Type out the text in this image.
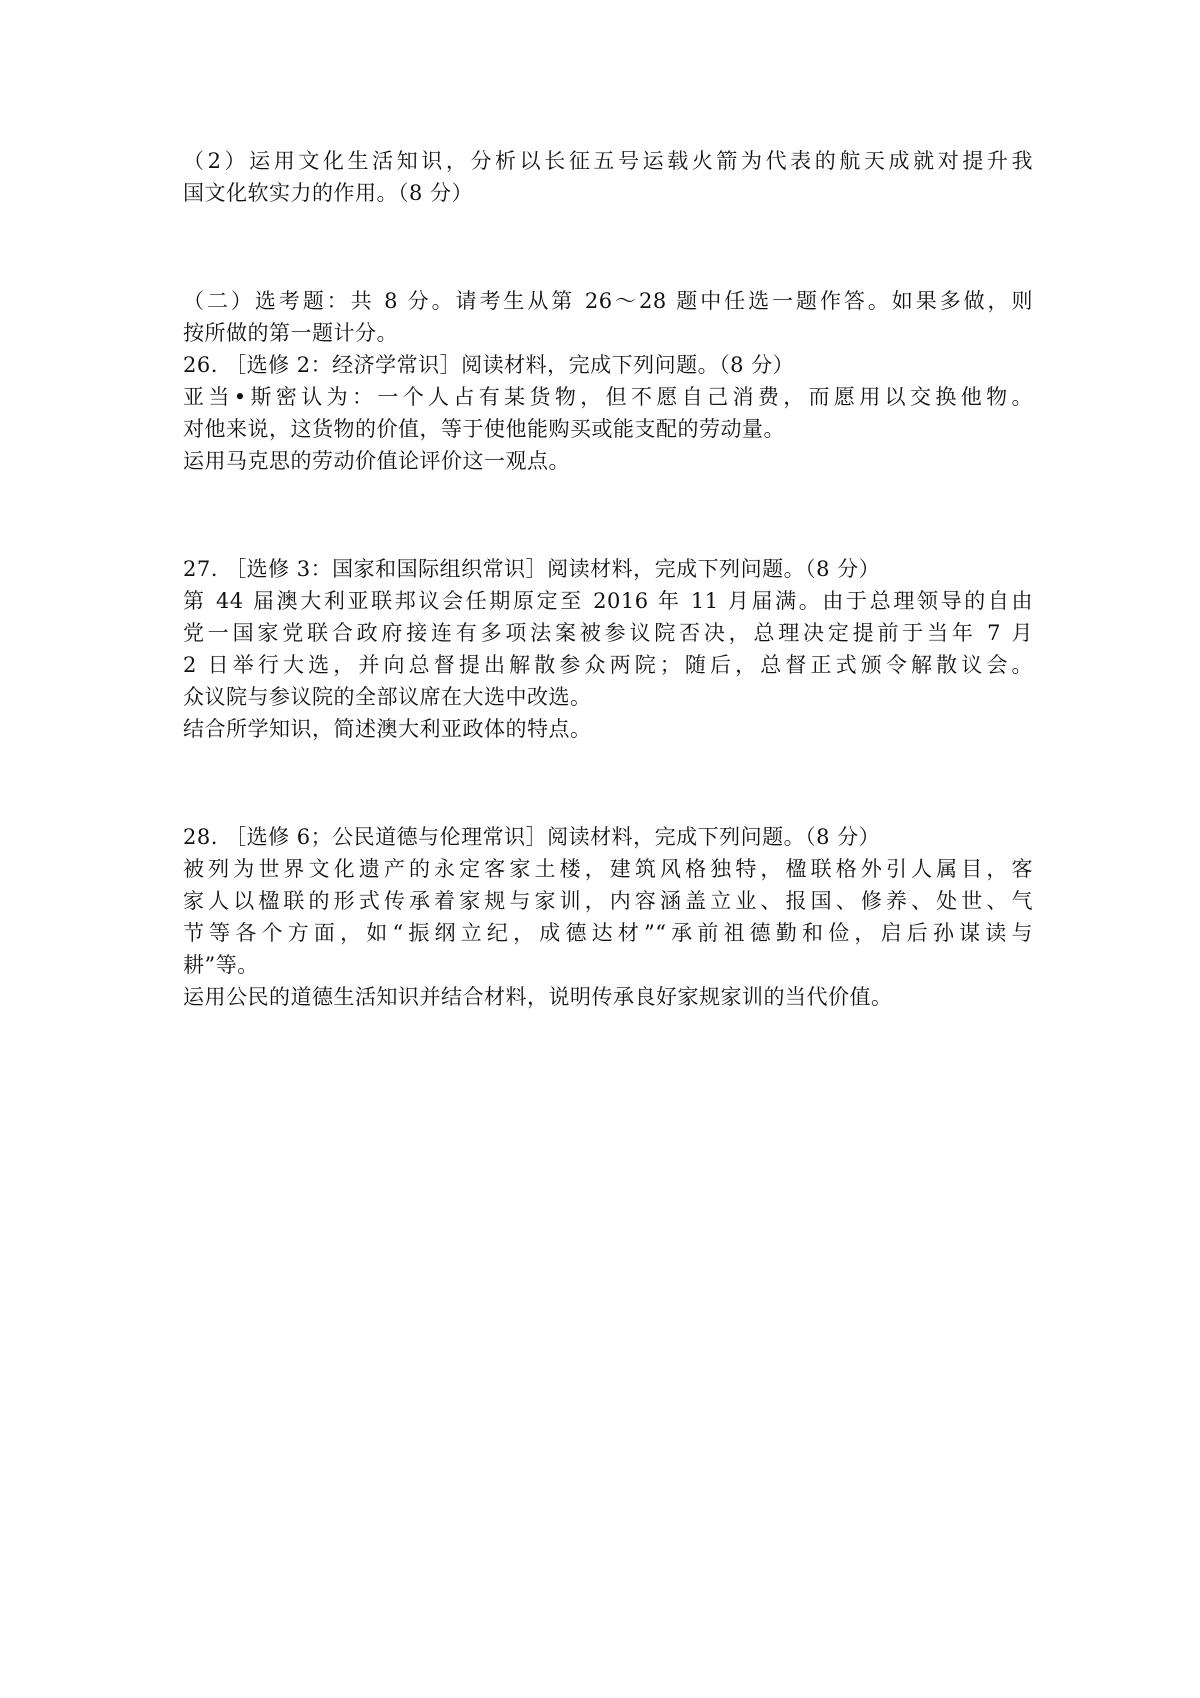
（2）运用文化生活知识，分析以长征五号运载火箭为代表的航天成就对提升我
国文化软实力的作用。（8 分）
（二）选考题：共 8 分。请考生从第 26～28 题中任选一题作答。如果多做，则
按所做的第一题计分。
26. ［选修 2：经济学常识］阅读材料，完成下列问题。（8 分）
亚当•斯密认为：一个人占有某货物，但不愿自己消费，而愿用以交换他物。
对他来说，这货物的价值，等于使他能购买或能支配的劳动量。
运用马克思的劳动价值论评价这一观点。
27. ［选修 3：国家和国际组织常识］阅读材料，完成下列问题。（8 分）
第 44 届澳大利亚联邦议会任期原定至 2016 年 11 月届满。由于总理领导的自由
党一国家党联合政府接连有多项法案被参议院否决，总理决定提前于当年 7 月
2 日举行大选，并向总督提出解散参众两院；随后，总督正式颁令解散议会。
众议院与参议院的全部议席在大选中改选。
结合所学知识，简述澳大利亚政体的特点。
28. ［选修 6；公民道德与伦理常识］阅读材料，完成下列问题。（8 分）
被列为世界文化遗产的永定客家土楼，建筑风格独特，楹联格外引人属目，客
家人以楹联的形式传承着家规与家训，内容涵盖立业、报国、修养、处世、气
节等各个方面，如“振纲立纪，成德达材”“承前祖德勤和俭，启后孙谋读与
耕”等。
运用公民的道德生活知识并结合材料，说明传承良好家规家训的当代价值。
